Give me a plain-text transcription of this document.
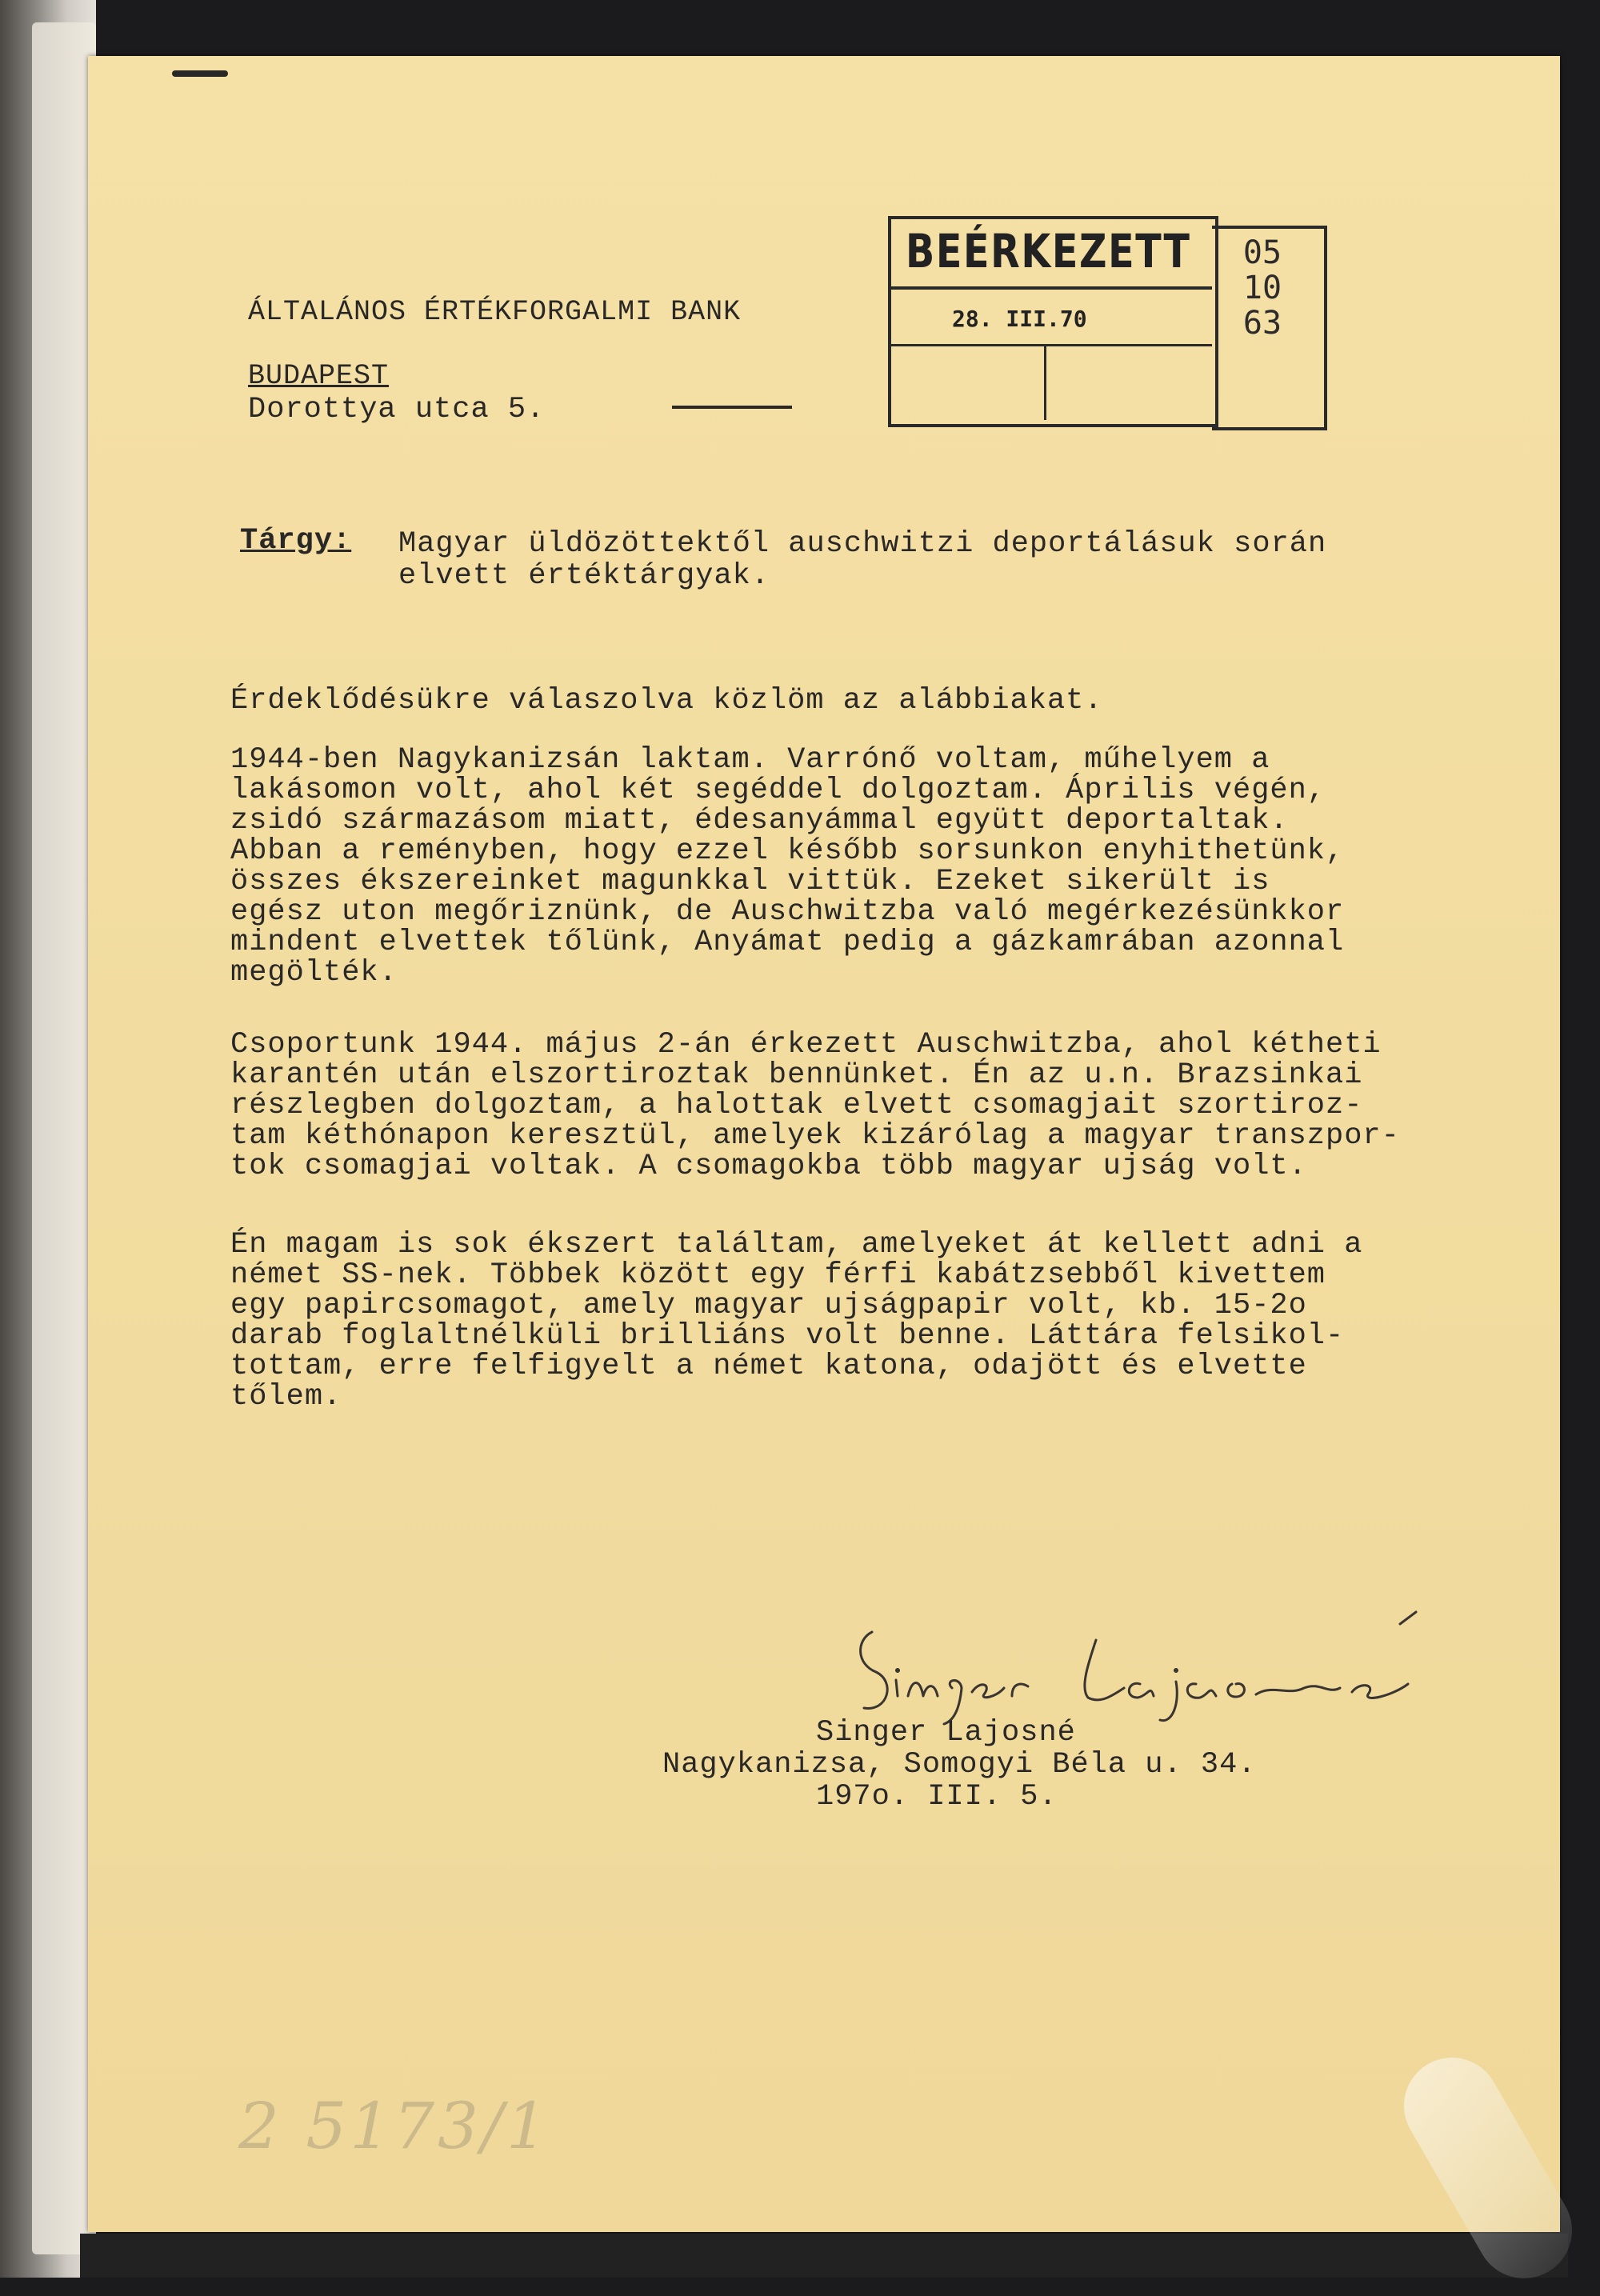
BEÉRKEZETT
28. III.70
051063
ÁLTALÁNOS ÉRTÉKFORGALMI BANK
BUDAPEST
Dorottya utca 5.
Tárgy: Magyar üldözöttektől auschwitzi deportálásuk során
elvett értéktárgyak.
Érdeklődésükre válaszolva közlöm az alábbiakat.
1944-ben Nagykanizsán laktam. Varrónő voltam, műhelyem a
lakásomon volt, ahol két segéddel dolgoztam. Április végén,
zsidó származásom miatt, édesanyámmal együtt deportaltak.
Abban a reményben, hogy ezzel később sorsunkon enyhithetünk,
összes ékszereinket magunkkal vittük. Ezeket sikerült is
egész uton megőriznünk, de Auschwitzba való megérkezésünkkor
mindent elvettek tőlünk, Anyámat pedig a gázkamrában azonnal
megölték.
Csoportunk 1944. május 2-án érkezett Auschwitzba, ahol kétheti
karantén után elszortiroztak bennünket. Én az u.n. Brazsinkai
részlegben dolgoztam, a halottak elvett csomagjait szortiroz-
tam kéthónapon keresztül, amelyek kizárólag a magyar transzpor-
tok csomagjai voltak. A csomagokba több magyar ujság volt.
Én magam is sok ékszert találtam, amelyeket át kellett adni a
német SS-nek. Többek között egy férfi kabátzsebből kivettem
egy papircsomagot, amely magyar ujságpapir volt, kb. 15-2o
darab foglaltnélküli brilliáns volt benne. Láttára felsikol-
tottam, erre felfigyelt a német katona, odajött és elvette
tőlem.
Singer Lajosné
Singer Lajosné
Nagykanizsa, Somogyi Béla u. 34.
197o. III. 5.
2 5173/1
